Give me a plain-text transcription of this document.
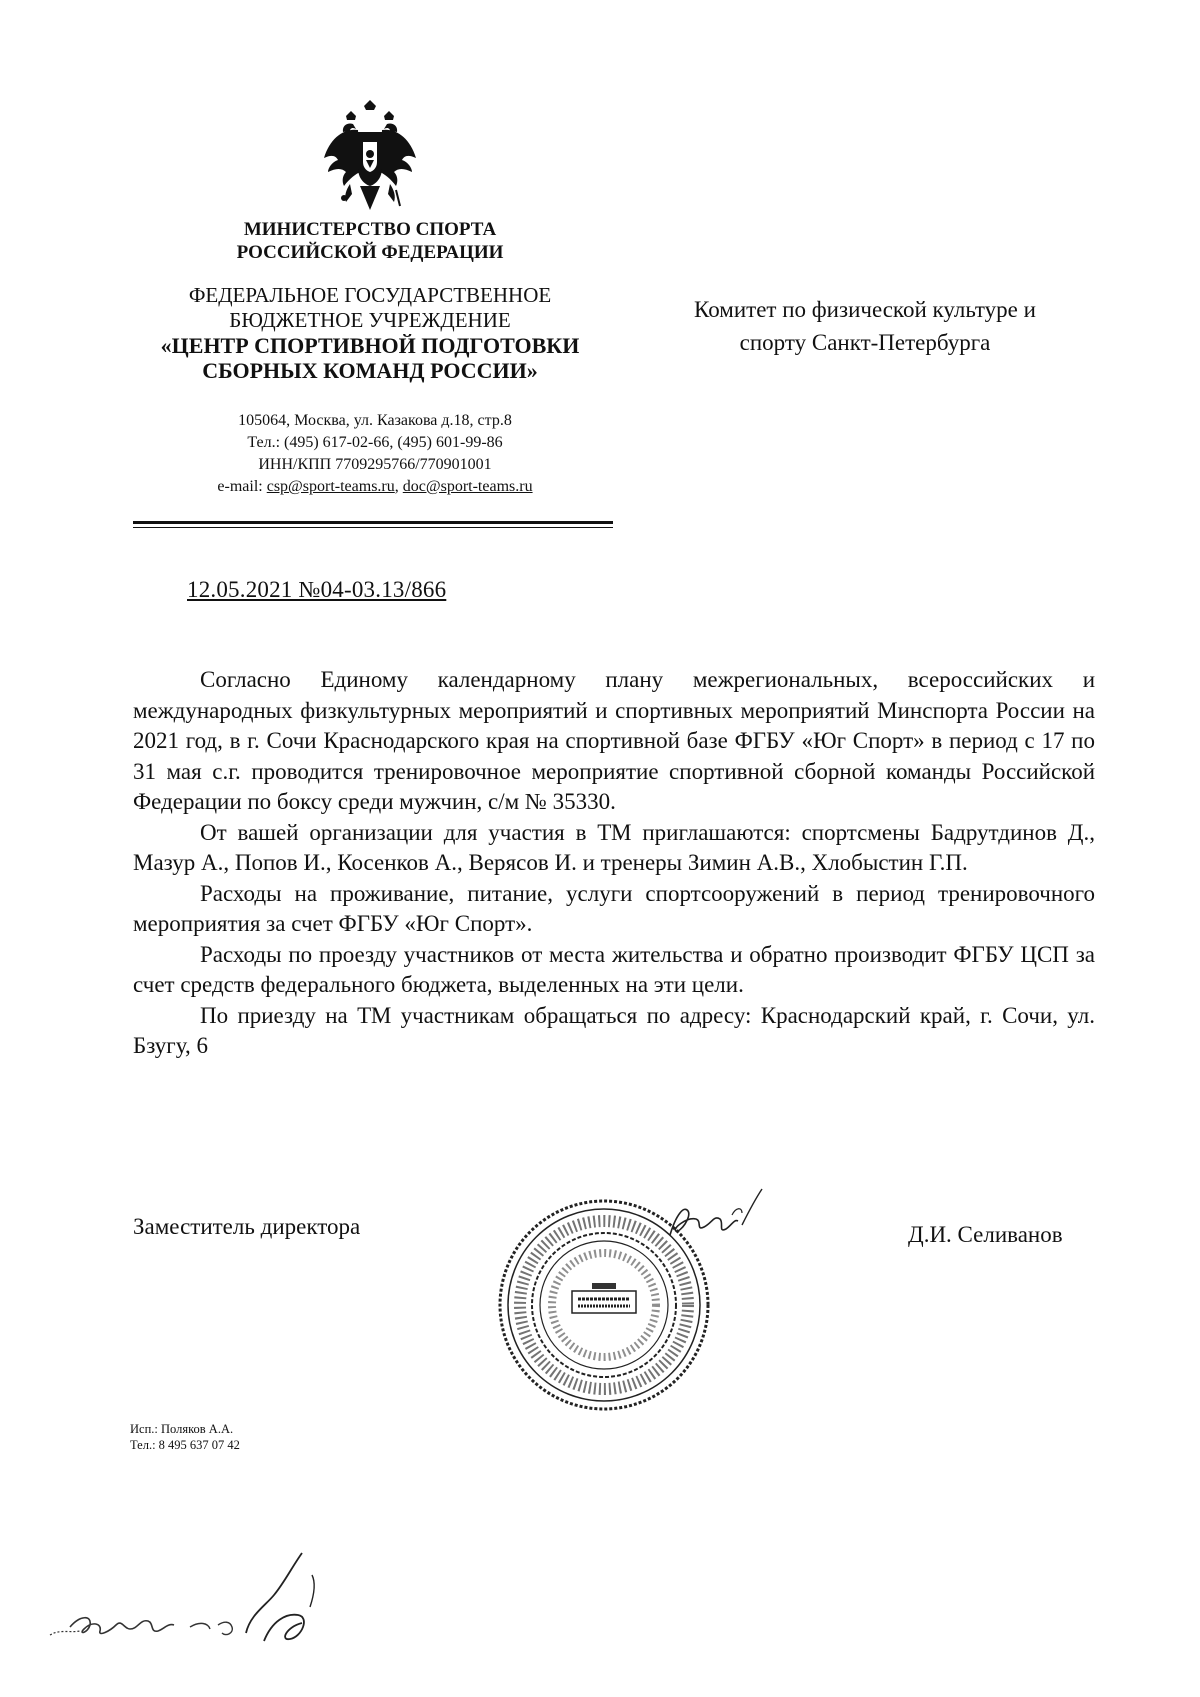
МИНИСТЕРСТВО СПОРТА
РОССИЙСКОЙ ФЕДЕРАЦИИ
ФЕДЕРАЛЬНОЕ ГОСУДАРСТВЕННОЕ
БЮДЖЕТНОЕ УЧРЕЖДЕНИЕ
«ЦЕНТР СПОРТИВНОЙ ПОДГОТОВКИ
СБОРНЫХ КОМАНД РОССИИ»
105064, Москва, ул. Казакова д.18, стр.8
Тел.: (495) 617-02-66, (495) 601-99-86
ИНН/КПП 7709295766/770901001
e-mail: csp@sport-teams.ru, doc@sport-teams.ru
Комитет по физической культуре и
спорту Санкт-Петербурга
12.05.2021 №04-03.13/866

Согласно Единому календарному плану межрегиональных, всероссийских и международных физкультурных мероприятий и спортивных мероприятий Минспорта России на 2021 год, в г. Сочи Краснодарского края на спортивной базе ФГБУ «Юг Спорт» в период с 17 по 31 мая с.г. проводится тренировочное мероприятие спортивной сборной команды Российской Федерации по боксу среди мужчин, с/м № 35330.

От вашей организации для участия в ТМ приглашаются: спортсмены Бадрутдинов Д., Мазур А., Попов И., Косенков А., Верясов И. и тренеры Зимин А.В., Хлобыстин Г.П.

Расходы на проживание, питание, услуги спортсооружений в период тренировочного мероприятия за счет ФГБУ «Юг Спорт».

Расходы по проезду участников от места жительства и обратно производит ФГБУ ЦСП за счет средств федерального бюджета, выделенных на эти цели.

По приезду на ТМ участникам обращаться по адресу: Краснодарский край, г. Сочи, ул. Бзугу, 6

Заместитель директора	Д.И. Селиванов
Исп.: Поляков А.А.
Тел.: 8 495 637 07 42
